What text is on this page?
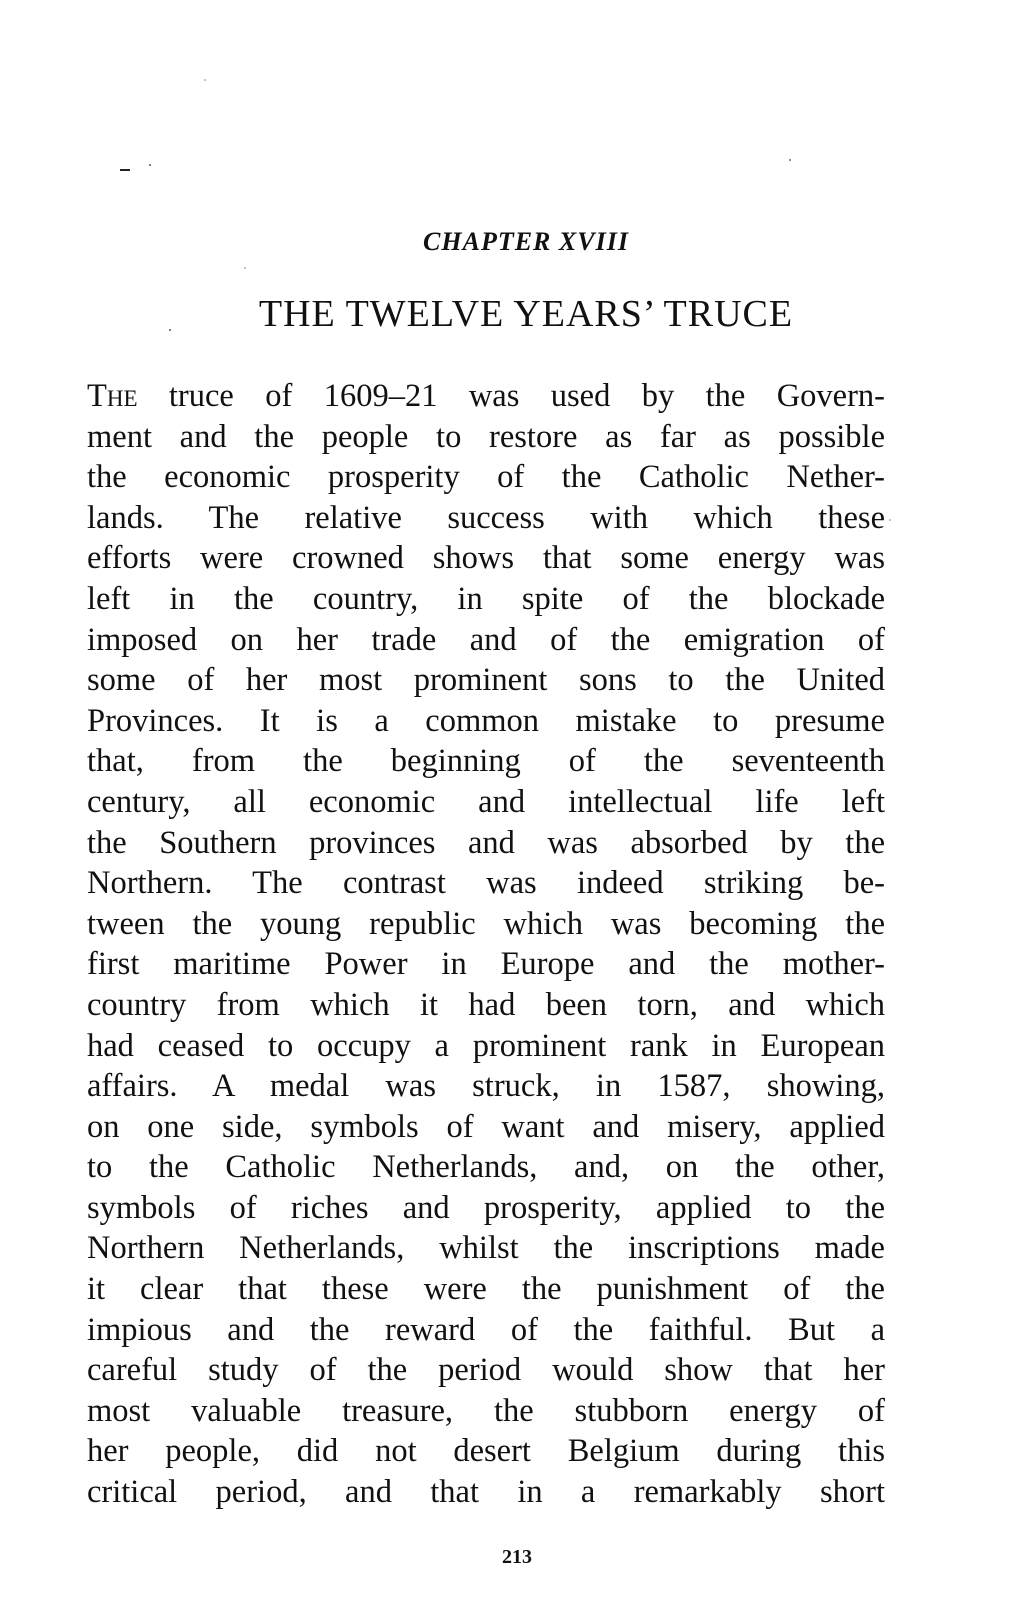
CHAPTER XVIII
THE TWELVE YEARS’ TRUCE
The truce of 1609–21 was used by the Govern-
ment and the people to restore as far as possible
the economic prosperity of the Catholic Nether-
lands. The relative success with which these
efforts were crowned shows that some energy was
left in the country, in spite of the blockade
imposed on her trade and of the emigration of
some of her most prominent sons to the United
Provinces. It is a common mistake to presume
that, from the beginning of the seventeenth
century, all economic and intellectual life left
the Southern provinces and was absorbed by the
Northern. The contrast was indeed striking be-
tween the young republic which was becoming the
first maritime Power in Europe and the mother-
country from which it had been torn, and which
had ceased to occupy a prominent rank in European
affairs. A medal was struck, in 1587, showing,
on one side, symbols of want and misery, applied
to the Catholic Netherlands, and, on the other,
symbols of riches and prosperity, applied to the
Northern Netherlands, whilst the inscriptions made
it clear that these were the punishment of the
impious and the reward of the faithful. But a
careful study of the period would show that her
most valuable treasure, the stubborn energy of
her people, did not desert Belgium during this
critical period, and that in a remarkably short
213
